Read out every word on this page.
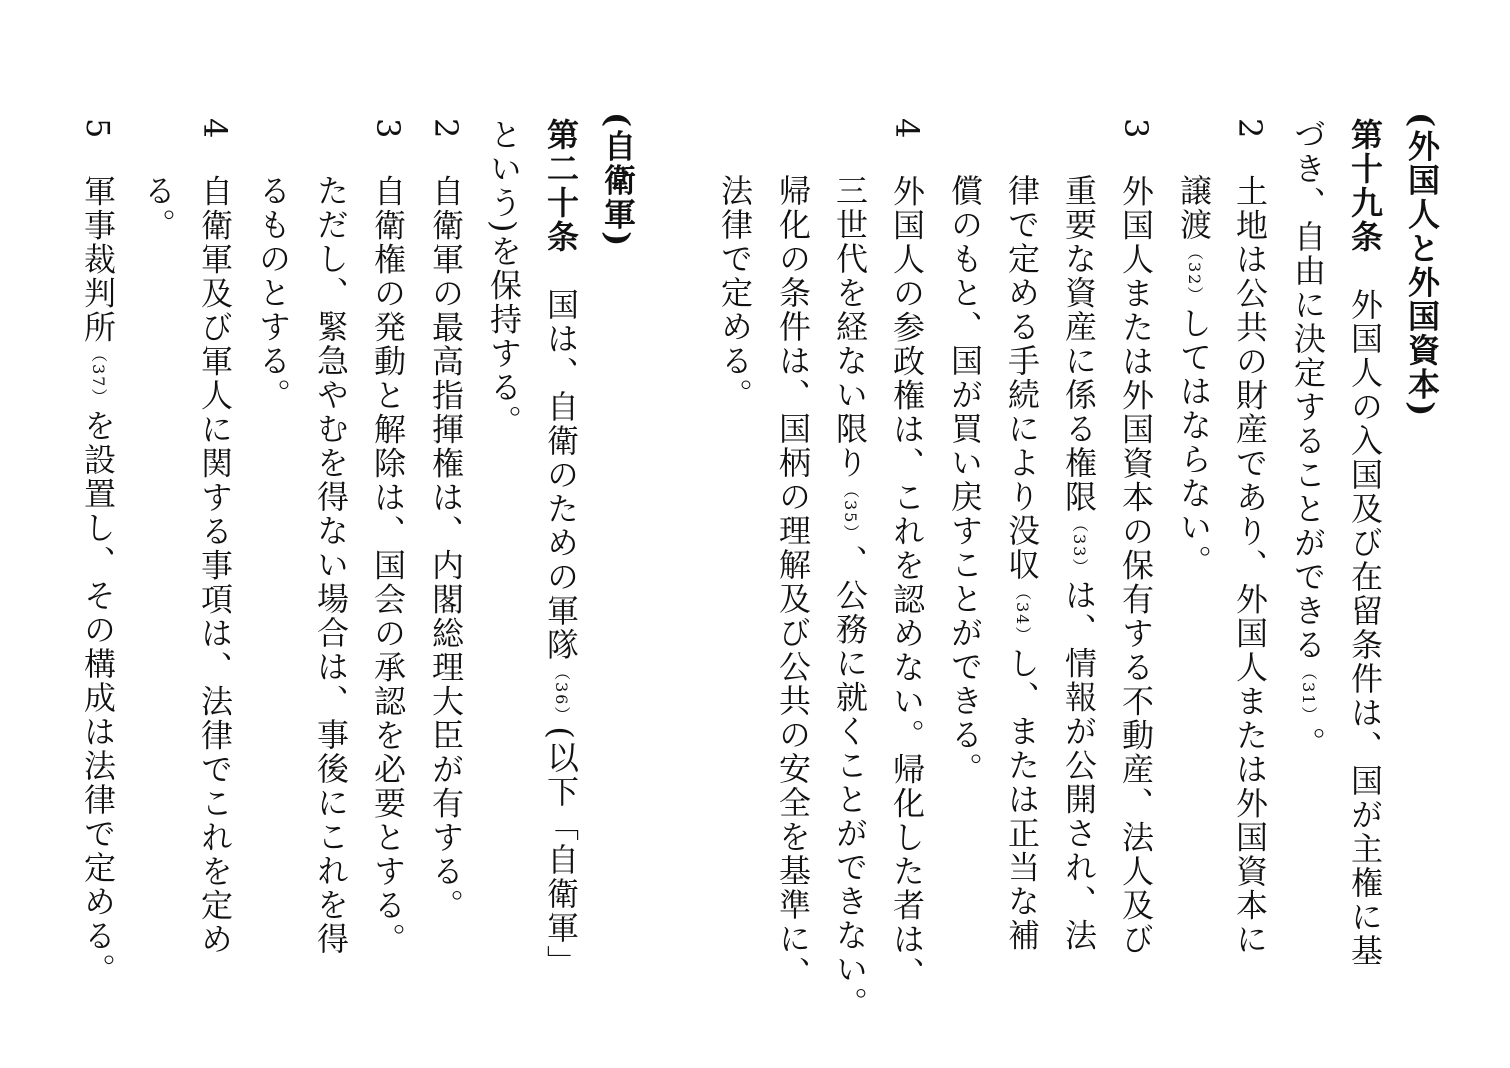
(外国人と外国資本)
第十九条　外国人の入国及び在留条件は、国が主権に基
づき、自由に決定することができる（31）。
2　土地は公共の財産であり、外国人または外国資本に
譲渡（32）してはならない。
3　外国人または外国資本の保有する不動産、法人及び
重要な資産に係る権限（33）は、情報が公開され、法
律で定める手続により没収（34）し、または正当な補
償のもと、国が買い戻すことができる。
4　外国人の参政権は、これを認めない。帰化した者は、
三世代を経ない限り（35）、公務に就くことができない。
帰化の条件は、国柄の理解及び公共の安全を基準に、
法律で定める。
(自衛軍)
第二十条　国は、自衛のための軍隊（36）(以下「自衛軍」
という)を保持する。
2　自衛軍の最高指揮権は、内閣総理大臣が有する。
3　自衛権の発動と解除は、国会の承認を必要とする。
ただし、緊急やむを得ない場合は、事後にこれを得
るものとする。
4　自衛軍及び軍人に関する事項は、法律でこれを定め
る。
5　軍事裁判所（37）を設置し、その構成は法律で定める。
